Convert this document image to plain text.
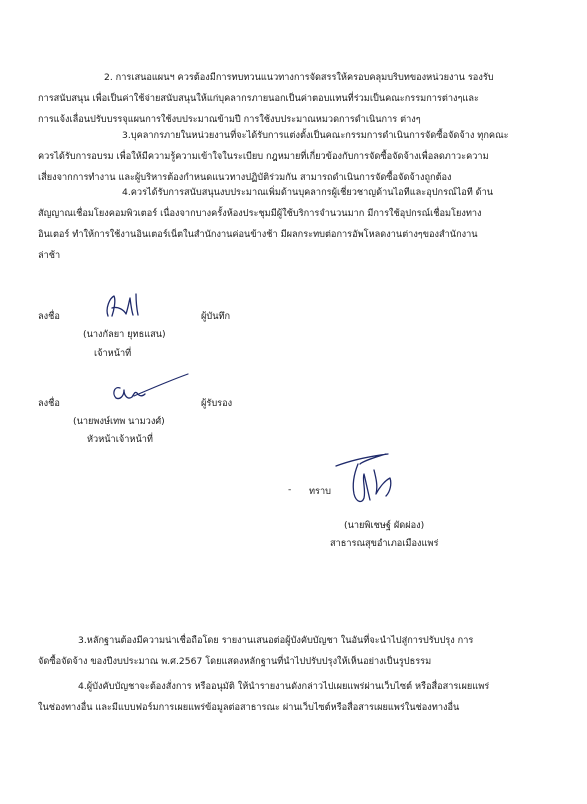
2. การเสนอแผนฯ ควรต้องมีการทบทวนแนวทางการจัดสรรให้ครอบคลุมบริบทของหน่วยงาน รองรับ
การสนับสนุน เพื่อเป็นค่าใช้จ่ายสนับสนุนให้แก่บุคลากรภายนอกเป็นค่าตอบแทนที่ร่วมเป็นคณะกรรมการต่างๆและ
การแจ้งเลื่อนปรับบรรจุแผนการใช้งบประมาณข้ามปี การใช้งบประมาณหมวดการดำเนินการ ต่างๆ
3.บุคลากรภายในหน่วยงานที่จะได้รับการแต่งตั้งเป็นคณะกรรมการดำเนินการจัดซื้อจัดจ้าง ทุกคณะ
ควรได้รับการอบรม เพื่อให้มีความรู้ความเข้าใจในระเบียบ กฎหมายที่เกี่ยวข้องกับการจัดซื้อจัดจ้างเพื่อลดภาวะความ
เสี่ยงจากการทำงาน และผู้บริหารต้องกำหนดแนวทางปฏิบัติร่วมกัน สามารถดำเนินการจัดซื้อจัดจ้างถูกต้อง
4.ควรได้รับการสนับสนุนงบประมาณเพิ่มด้านบุคลากรผู้เชี่ยวชาญด้านไอทีและอุปกรณ์ไอที ด้าน
สัญญาณเชื่อมโยงคอมพิวเตอร์ เนื่องจากบางครั้งห้องประชุมมีผู้ใช้บริการจำนวนมาก มีการใช้อุปกรณ์เชื่อมโยงทาง
อินเตอร์ ทำให้การใช้งานอินเตอร์เน็ตในสำนักงานค่อนข้างช้า มีผลกระทบต่อการอัพโหลดงานต่างๆของสำนักงาน
ล่าช้า
ลงชื่อ	ผู้บันทึก
(นางกัลยา ยุทธแสน)
เจ้าหน้าที่
ลงชื่อ	ผู้รับรอง
(นายพงษ์เทพ นามวงศ์)
หัวหน้าเจ้าหน้าที่
- ทราบ
(นายพิเชษฐ์ ผัดผ่อง)
สาธารณสุขอำเภอเมืองแพร่
3.หลักฐานต้องมีความน่าเชื่อถือโดย รายงานเสนอต่อผู้บังคับบัญชา ในอันที่จะนำไปสู่การปรับปรุง การ
จัดซื้อจัดจ้าง ของปีงบประมาณ พ.ศ.2567 โดยแสดงหลักฐานที่นำไปปรับปรุงให้เห็นอย่างเป็นรูปธรรม
4.ผู้บังคับบัญชาจะต้องสั่งการ หรืออนุมัติ ให้นำรายงานดังกล่าวไปเผยแพร่ผ่านเว็บไซต์ หรือสื่อสารเผยแพร่
ในช่องทางอื่น และมีแบบฟอร์มการเผยแพร่ข้อมูลต่อสาธารณะ ผ่านเว็บไซต์หรือสื่อสารเผยแพร่ในช่องทางอื่น
